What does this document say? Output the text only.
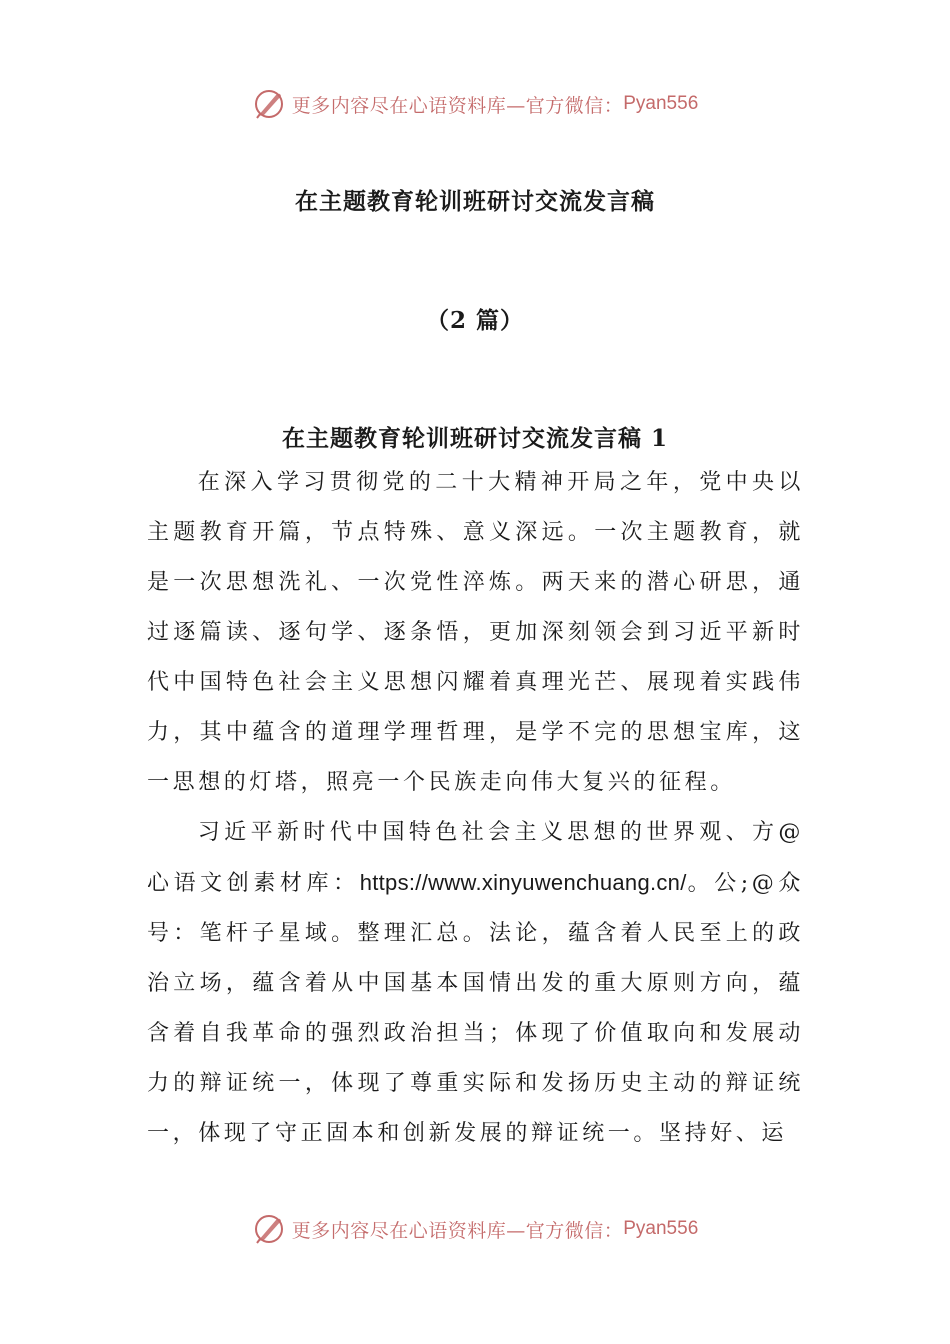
更多内容尽在心语资料库—官方微信： Pyan556
在主题教育轮训班研讨交流发言稿
（2 篇）
在主题教育轮训班研讨交流发言稿 1

在深入学习贯彻党的二十大精神开局之年，党中央以主题教育开篇，节点特殊、意义深远。一次主题教育，就是一次思想洗礼、一次党性淬炼。两天来的潜心研思，通过逐篇读、逐句学、逐条悟，更加深刻领会到习近平新时代中国特色社会主义思想闪耀着真理光芒、展现着实践伟力，其中蕴含的道理学理哲理，是学不完的思想宝库，这一思想的灯塔，照亮一个民族走向伟大复兴的征程。

习近平新时代中国特色社会主义思想的世界观、方@心语文创素材库：https://www.xinyuwenchuang.cn/。公;@众号：笔杆子星域。整理汇总。法论，蕴含着人民至上的政治立场，蕴含着从中国基本国情出发的重大原则方向，蕴含着自我革命的强烈政治担当；体现了价值取向和发展动力的辩证统一，体现了尊重实际和发扬历史主动的辩证统一，体现了守正固本和创新发展的辩证统一。坚持好、运

更多内容尽在心语资料库—官方微信： Pyan556
